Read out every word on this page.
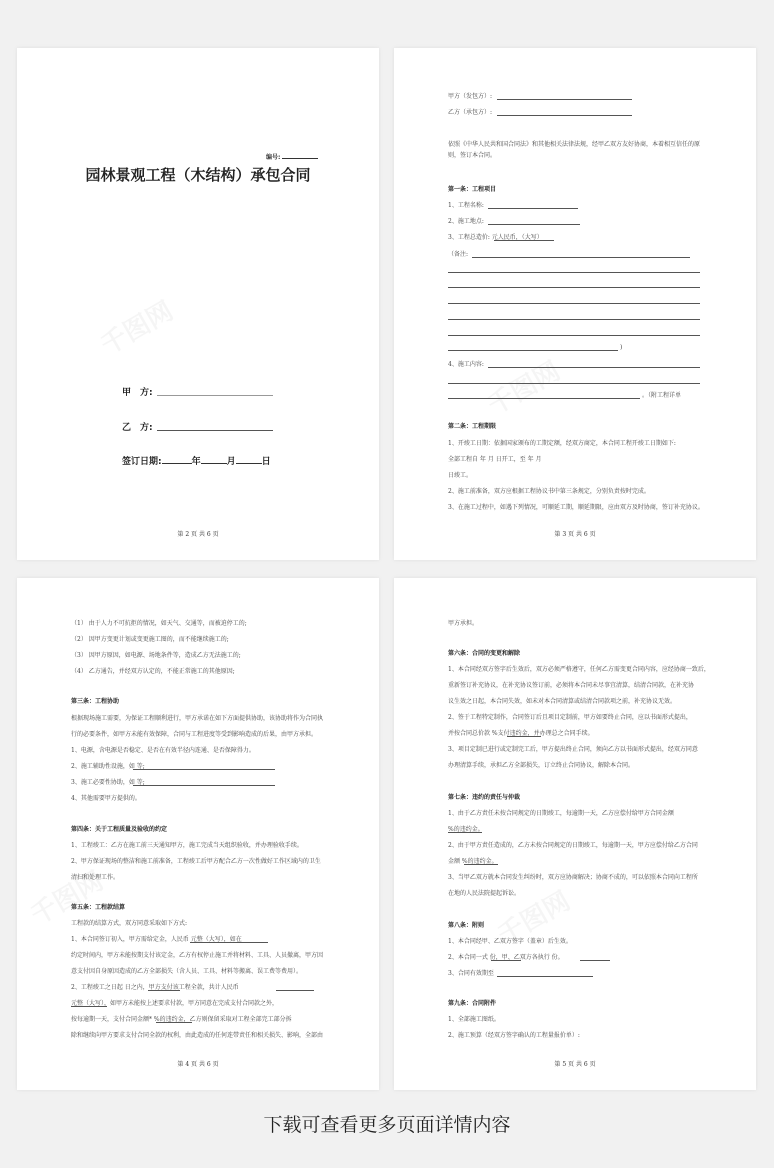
编号:
园林景观工程（木结构）承包合同
甲　方:
乙　方:
签订日期:	年	月	日
第 2 页 共 6 页
甲方（发包方）:
乙方（承包方）:
依照《中华人民共和国合同法》和其他相关法律法规，经甲乙双方友好协商，本着相互信任的原
则，签订本合同。
第一条：工程项目
1、工程名称:
2、施工地点:
3、工程总造价: 元人民币，（大写）
（备注:
)
4、施工内容:
。（附工程详单
第二条：工程期限
1、开竣工日期：依据国家颁布的工期定额，经双方商定，本合同工程开竣工日期如下:
全部工程自 年 月 日开工，至 年 月
日竣工。
2、施工前准备，双方应根据工程协议书中第三条规定，分别负责按时完成。
3、在施工过程中，如遇下列情况，可顺延工期，顺延期限，应由双方及时协商，签订补充协议。
第 3 页 共 6 页
（1） 由于人力不可抗拒的情况，如天气、交通等，而被迫停工的;
（2） 因甲方变更计划或变更施工图的，而不能继续施工的;
（3） 因甲方原因，如电源、场地条件等，造成乙方无法施工的;
（4） 乙方通告，并经双方认定的，不能正常施工的其他原因;
第三条：工程协助
根据现场施工需要，为保证工程顺利进行，甲方承诺在如下方面提供协助，该协助将作为合同执
行的必要条件，如甲方未能有效保障，合同与工程进度等受到影响造成的后果，由甲方承担。
1、电源，含电源是否稳定、是否在有效半径内连通、是否保障得力。
2、施工辅助性设施，如 等;
3、施工必要性协助，如 等;
4、其他需要甲方提供的。
第四条：关于工程质量及验收的约定
1、工程竣工：乙方在施工前三天通知甲方，施工完成当天组织验收，并办理验收手续。
2、甲方保证现场的整洁和施工前准备，工程竣工后甲方配合乙方一次性做好工作区域内的卫生
清扫和处理工作。
第五条：工程款结算
工程款的结算方式，双方同意采取如下方式:
1、本合同签订初入，甲方需给定金，人民币 元整（大写），如在
约定时间内，甲方未能按期支付该定金，乙方有权停止施工并将材料、工具、人员撤离，甲方因
意支付因自身原因造成的乙方全部损失（含人员、工具、材料等搬离、误工费等费用）。
2、工程竣工之日起 日之内，甲方支付该工程全款，共计人民币
元整（大写），如甲方未能按上述要求付款，甲方同意在完成支付合同款之外，
按每逾期一天，支付合同金额* %的违约金，乙方则保留采取对工程全部完工部分拆
除和继续向甲方要求支付合同全款的权利，由此造成的任何连带责任和相关损失、影响，全部由
第 4 页 共 6 页
甲方承担。
第六条：合同的变更和解除
1、本合同经双方签字后生效后，双方必须严格遵守，任何乙方需变更合同内容，应经协商一致后，
重新签订补充协议，在补充协议签订前，必须将本合同未尽事宜清算，结清合同款，在补充协
议生效之日起，本合同失效，如未对本合同清算或结清合同款项之前，补充协议无效。
2、签于工程特定制作，合同签订后且项目定制前，甲方如要终止合同，应以书面形式提出，
并按合同总价款 %支付违约金，并办理总之合同手续。
3、项目定制已进行或定制完工后，甲方提出终止合同，须向乙方以书面形式提出，经双方同意
办理清算手续，承担乙方全部损失，订立终止合同协议，解除本合同。
第七条：违约的责任与仲裁
1、由于乙方责任未按合同规定的日期竣工，每逾期一天，乙方应偿付给甲方合同金额
%的违约金。
2、由于甲方责任造成的，乙方未按合同规定的日期竣工，每逾期一天，甲方应偿付给乙方合同
金额 %的违约金。
3、当甲乙双方就本合同发生纠纷时，双方应协商解决；协商不成的，可以依照本合同向工程所
在地的人民法院提起诉讼。
第八条：附则
1、本合同经甲、乙双方签字（盖章）后生效。
2、本合同一式 份，甲、乙双方各执行 份。
3、合同有效期至
第九条：合同附件
1、全部施工图纸。
2、施工预算（经双方签字确认的工程量报价单）:
第 5 页 共 6 页
下载可查看更多页面详情内容
